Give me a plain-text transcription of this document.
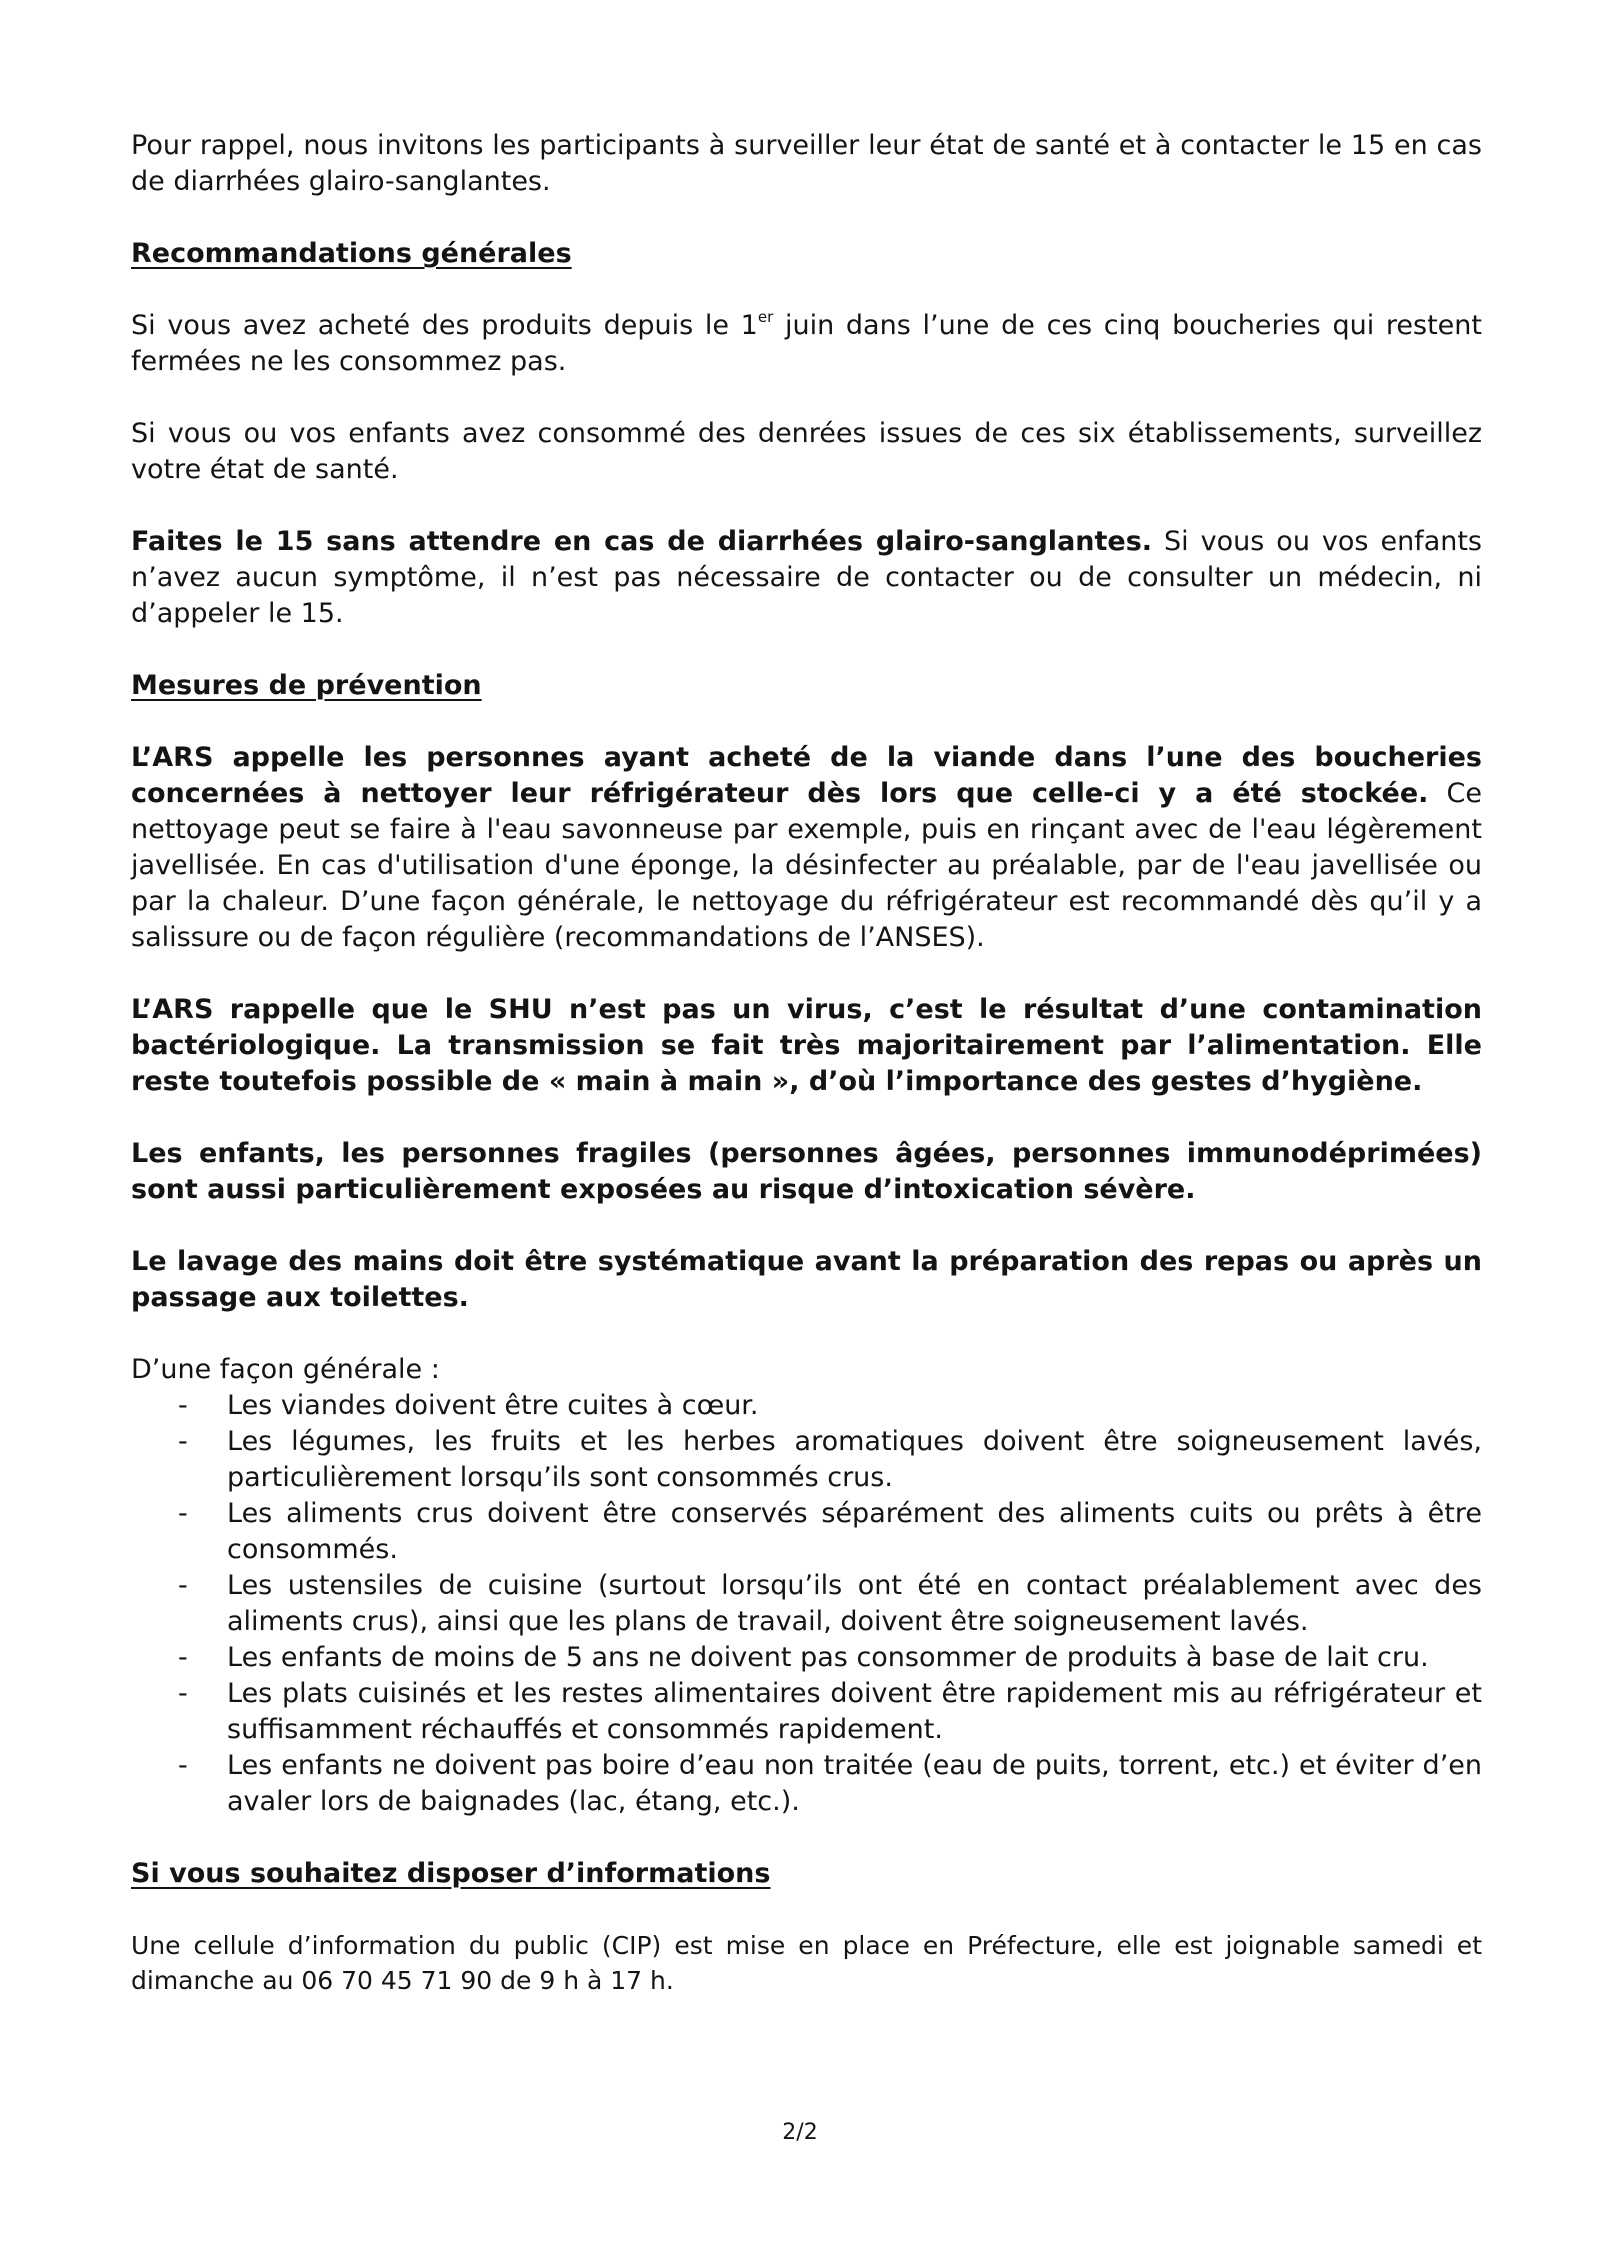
Pour rappel, nous invitons les participants à surveiller leur état de santé et à contacter le 15 en cas de diarrhées glairo-sanglantes.

Recommandations générales

Si vous avez acheté des produits depuis le 1er juin dans l’une de ces cinq boucheries qui restent fermées ne les consommez pas.

Si vous ou vos enfants avez consommé des denrées issues de ces six établissements, surveillez votre état de santé.

Faites le 15 sans attendre en cas de diarrhées glairo-sanglantes. Si vous ou vos enfants n’avez aucun symptôme, il n’est pas nécessaire de contacter ou de consulter un médecin, ni d’appeler le 15.

Mesures de prévention

L’ARS appelle les personnes ayant acheté de la viande dans l’une des boucheries concernées à nettoyer leur réfrigérateur dès lors que celle-ci y a été stockée. Ce nettoyage peut se faire à l'eau savonneuse par exemple, puis en rinçant avec de l'eau légèrement javellisée. En cas d'utilisation d'une éponge, la désinfecter au préalable, par de l'eau javellisée ou par la chaleur. D’une façon générale, le nettoyage du réfrigérateur est recommandé dès qu’il y a salissure ou de façon régulière (recommandations de l’ANSES).

L’ARS rappelle que le SHU n’est pas un virus, c’est le résultat d’une contamination bactériologique. La transmission se fait très majoritairement par l’alimentation. Elle reste toutefois possible de « main à main », d’où l’importance des gestes d’hygiène.

Les enfants, les personnes fragiles (personnes âgées, personnes immunodéprimées) sont aussi particulièrement exposées au risque d’intoxication sévère.

Le lavage des mains doit être systématique avant la préparation des repas ou après un passage aux toilettes.

D’une façon générale :

- Les viandes doivent être cuites à cœur.
- Les légumes, les fruits et les herbes aromatiques doivent être soigneusement lavés, particulièrement lorsqu’ils sont consommés crus.
- Les aliments crus doivent être conservés séparément des aliments cuits ou prêts à être consommés.
- Les ustensiles de cuisine (surtout lorsqu’ils ont été en contact préalablement avec des aliments crus), ainsi que les plans de travail, doivent être soigneusement lavés.
- Les enfants de moins de 5 ans ne doivent pas consommer de produits à base de lait cru.
- Les plats cuisinés et les restes alimentaires doivent être rapidement mis au réfrigérateur et suffisamment réchauffés et consommés rapidement.
- Les enfants ne doivent pas boire d’eau non traitée (eau de puits, torrent, etc.) et éviter d’en avaler lors de baignades (lac, étang, etc.).

Si vous souhaitez disposer d’informations

Une cellule d’information du public (CIP) est mise en place en Préfecture, elle est joignable samedi et dimanche au 06 70 45 71 90 de 9 h à 17 h.

2/2
